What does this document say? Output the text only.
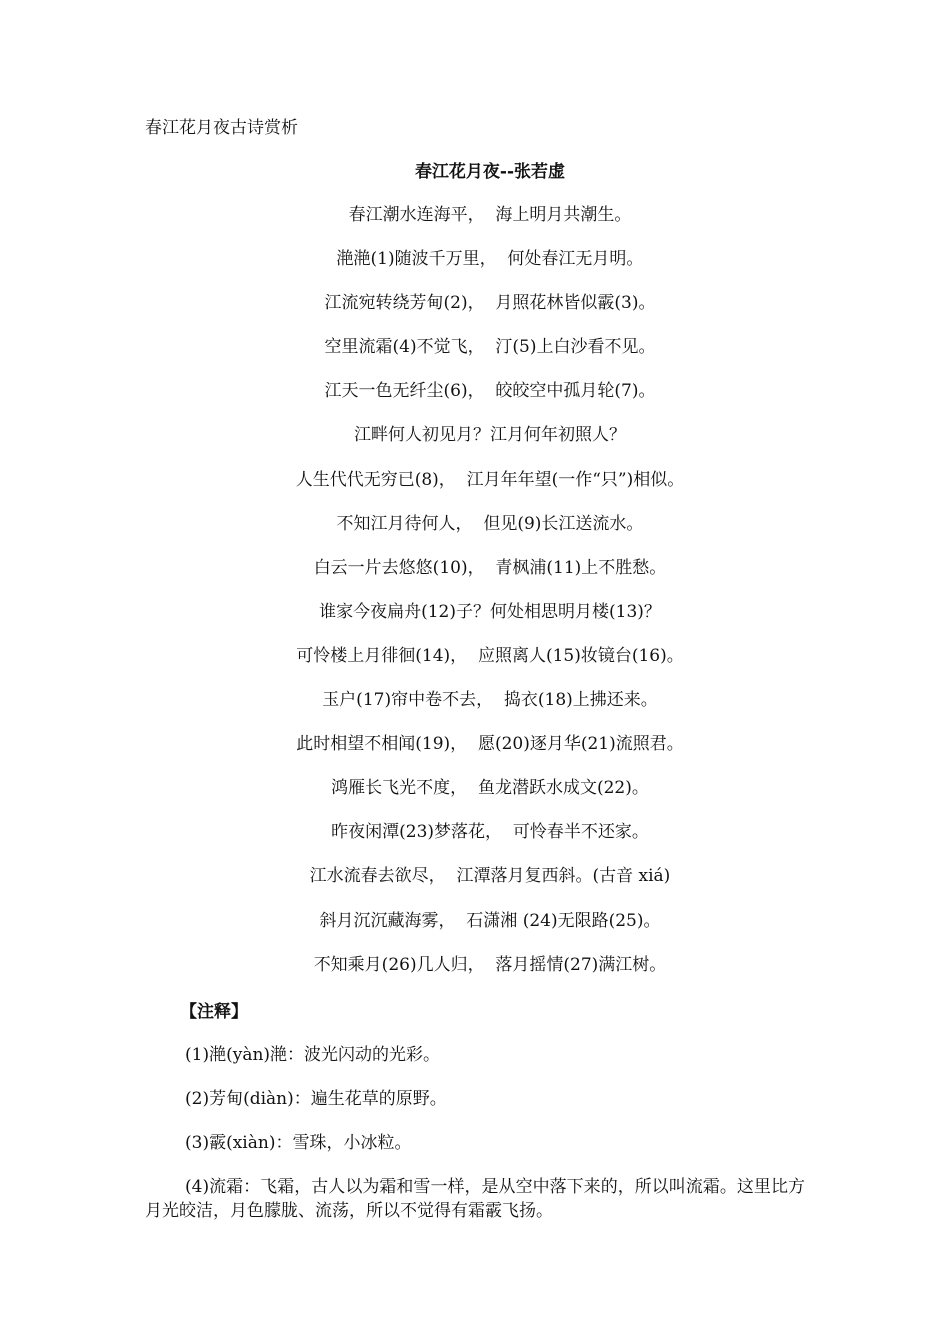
春江花月夜古诗赏析
春江花月夜--张若虚
春江潮水连海平，  海上明月共潮生。
滟滟(1)随波千万里，  何处春江无月明。
江流宛转绕芳甸(2)，  月照花林皆似霰(3)。
空里流霜(4)不觉飞，  汀(5)上白沙看不见。
江天一色无纤尘(6)，  皎皎空中孤月轮(7)。
江畔何人初见月？江月何年初照人？
人生代代无穷已(8)，  江月年年望(一作“只”)相似。
不知江月待何人，  但见(9)长江送流水。
白云一片去悠悠(10)，  青枫浦(11)上不胜愁。
谁家今夜扁舟(12)子？何处相思明月楼(13)？
可怜楼上月徘徊(14)，  应照离人(15)妆镜台(16)。
玉户(17)帘中卷不去，  捣衣(18)上拂还来。
此时相望不相闻(19)，  愿(20)逐月华(21)流照君。
鸿雁长飞光不度，  鱼龙潜跃水成文(22)。
昨夜闲潭(23)梦落花，  可怜春半不还家。
江水流春去欲尽，  江潭落月复西斜。(古音 xiá)
斜月沉沉藏海雾，  石潇湘 (24)无限路(25)。
不知乘月(26)几人归，  落月摇情(27)满江树。
【注释】

(1)滟(yàn)滟：波光闪动的光彩。

(2)芳甸(diàn)：遍生花草的原野。

(3)霰(xiàn)：雪珠，小冰粒。

(4)流霜：飞霜，古人以为霜和雪一样，是从空中落下来的，所以叫流霜。这里比方月光皎洁，月色朦胧、流荡，所以不觉得有霜霰飞扬。
